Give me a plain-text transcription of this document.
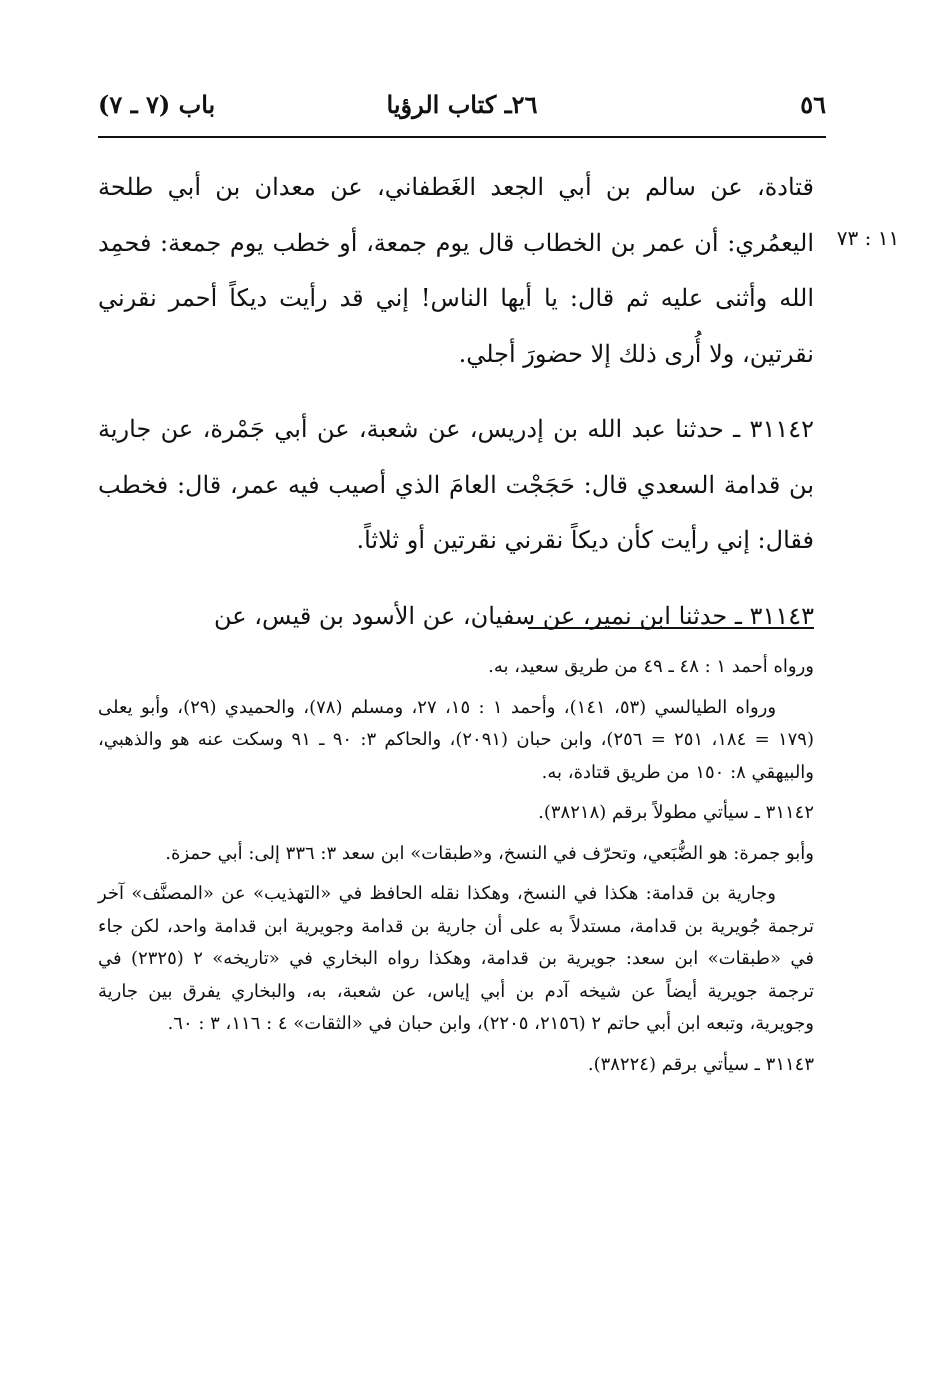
٥٦
٢٦ـ كتاب الرؤيا
باب (٧ ـ ٧)
١١ : ٧٣

قتادة، عن سالم بن أبي الجعد الغَطفاني، عن معدان بن أبي طلحة اليعمُري: أن عمر بن الخطاب قال يوم جمعة، أو خطب يوم جمعة: فحمِد الله وأثنى عليه ثم قال: يا أيها الناس! إني قد رأيت ديكاً أحمر نقرني نقرتين، ولا أُرى ذلك إلا حضورَ أجلي.

٣١١٤٢ ـ حدثنا عبد الله بن إدريس، عن شعبة، عن أبي جَمْرة، عن جارية بن قدامة السعدي قال: حَجَجْت العامَ الذي أصيب فيه عمر، قال: فخطب فقال: إني رأيت كأن ديكاً نقرني نقرتين أو ثلاثاً.

٣١١٤٣ ـ حدثنا ابن نمير، عن سفيان، عن الأسود بن قيس، عن

ورواه أحمد ١ : ٤٨ ـ ٤٩ من طريق سعيد، به.

ورواه الطيالسي (٥٣، ١٤١)، وأحمد ١ : ١٥، ٢٧، ومسلم (٧٨)، والحميدي (٢٩)، وأبو يعلى (١٧٩ = ١٨٤، ٢٥١ = ٢٥٦)، وابن حبان (٢٠٩١)، والحاكم ٣: ٩٠ ـ ٩١ وسكت عنه هو والذهبي، والبيهقي ٨: ١٥٠ من طريق قتادة، به.

٣١١٤٢ ـ سيأتي مطولاً برقم (٣٨٢١٨).

وأبو جمرة: هو الضُّبَعي، وتحرّف في النسخ، و«طبقات» ابن سعد ٣: ٣٣٦ إلى: أبي حمزة.

وجارية بن قدامة: هكذا في النسخ، وهكذا نقله الحافظ في «التهذيب» عن «المصنَّف» آخر ترجمة جُويرية بن قدامة، مستدلاً به على أن جارية بن قدامة وجويرية ابن قدامة واحد، لكن جاء في «طبقات» ابن سعد: جويرية بن قدامة، وهكذا رواه البخاري في «تاريخه» ٢ (٢٣٢٥) في ترجمة جويرية أيضاً عن شيخه آدم بن أبي إياس، عن شعبة، به، والبخاري يفرق بين جارية وجويرية، وتبعه ابن أبي حاتم ٢ (٢١٥٦، ٢٢٠٥)، وابن حبان في «الثقات» ٤ : ١١٦، ٣ : ٦٠.

٣١١٤٣ ـ سيأتي برقم (٣٨٢٢٤).
